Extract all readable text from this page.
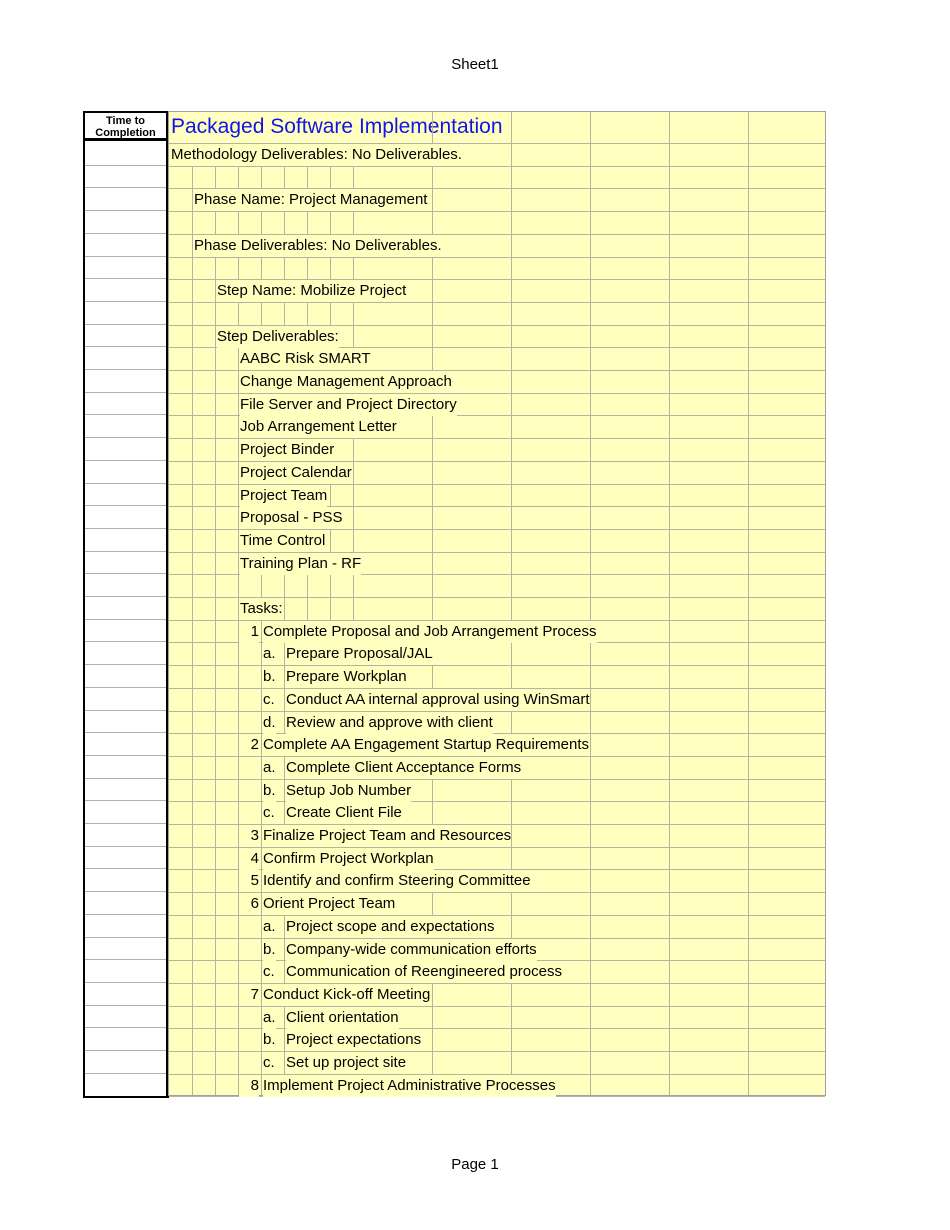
Sheet1
Time to
Completion Packaged Software Implementation
Methodology Deliverables: No Deliverables.
Phase Name: Project Management
Phase Deliverables: No Deliverables.
Step Name: Mobilize Project
Step Deliverables:
AABC Risk SMART
Change Management Approach
File Server and Project Directory
Job Arrangement Letter
Project Binder
Project Calendar
Project Team
Proposal - PSS
Time Control
Training Plan - RF
Tasks:
1 Complete Proposal and Job Arrangement Process
a. Prepare Proposal/JAL
b. Prepare Workplan
c. Conduct AA internal approval using WinSmart
d. Review and approve with client
2 Complete AA Engagement Startup Requirements
a. Complete Client Acceptance Forms
b. Setup Job Number
c. Create Client File
3 Finalize Project Team and Resources
4 Confirm Project Workplan
5 Identify and confirm Steering Committee
6 Orient Project Team
a. Project scope and expectations
b. Company-wide communication efforts
c. Communication of Reengineered process
7 Conduct Kick-off Meeting
a. Client orientation
b. Project expectations
c. Set up project site
8 Implement Project Administrative Processes
Page 1
